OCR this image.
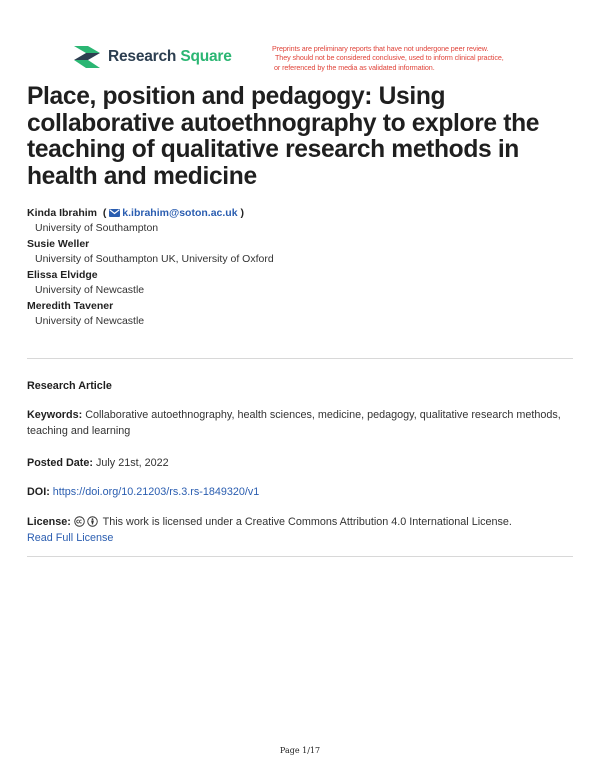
Research Square	Preprints are preliminary reports that have not undergone peer review.
They should not be considered conclusive, used to inform clinical practice,
or referenced by the media as validated information.
Place, position and pedagogy: Using collaborative autoethnography to explore the teaching of qualitative research methods in health and medicine
Kinda Ibrahim  ( k.ibrahim@soton.ac.uk )
University of Southampton
Susie Weller
University of Southampton UK, University of Oxford
Elissa Elvidge
University of Newcastle
Meredith Tavener
University of Newcastle
Research Article
Keywords: Collaborative autoethnography, health sciences, medicine, pedagogy, qualitative research methods, teaching and learning
Posted Date: July 21st, 2022
DOI: https://doi.org/10.21203/rs.3.rs-1849320/v1
License:	This work is licensed under a Creative Commons Attribution 4.0 International License.
Read Full License
Page 1/17
